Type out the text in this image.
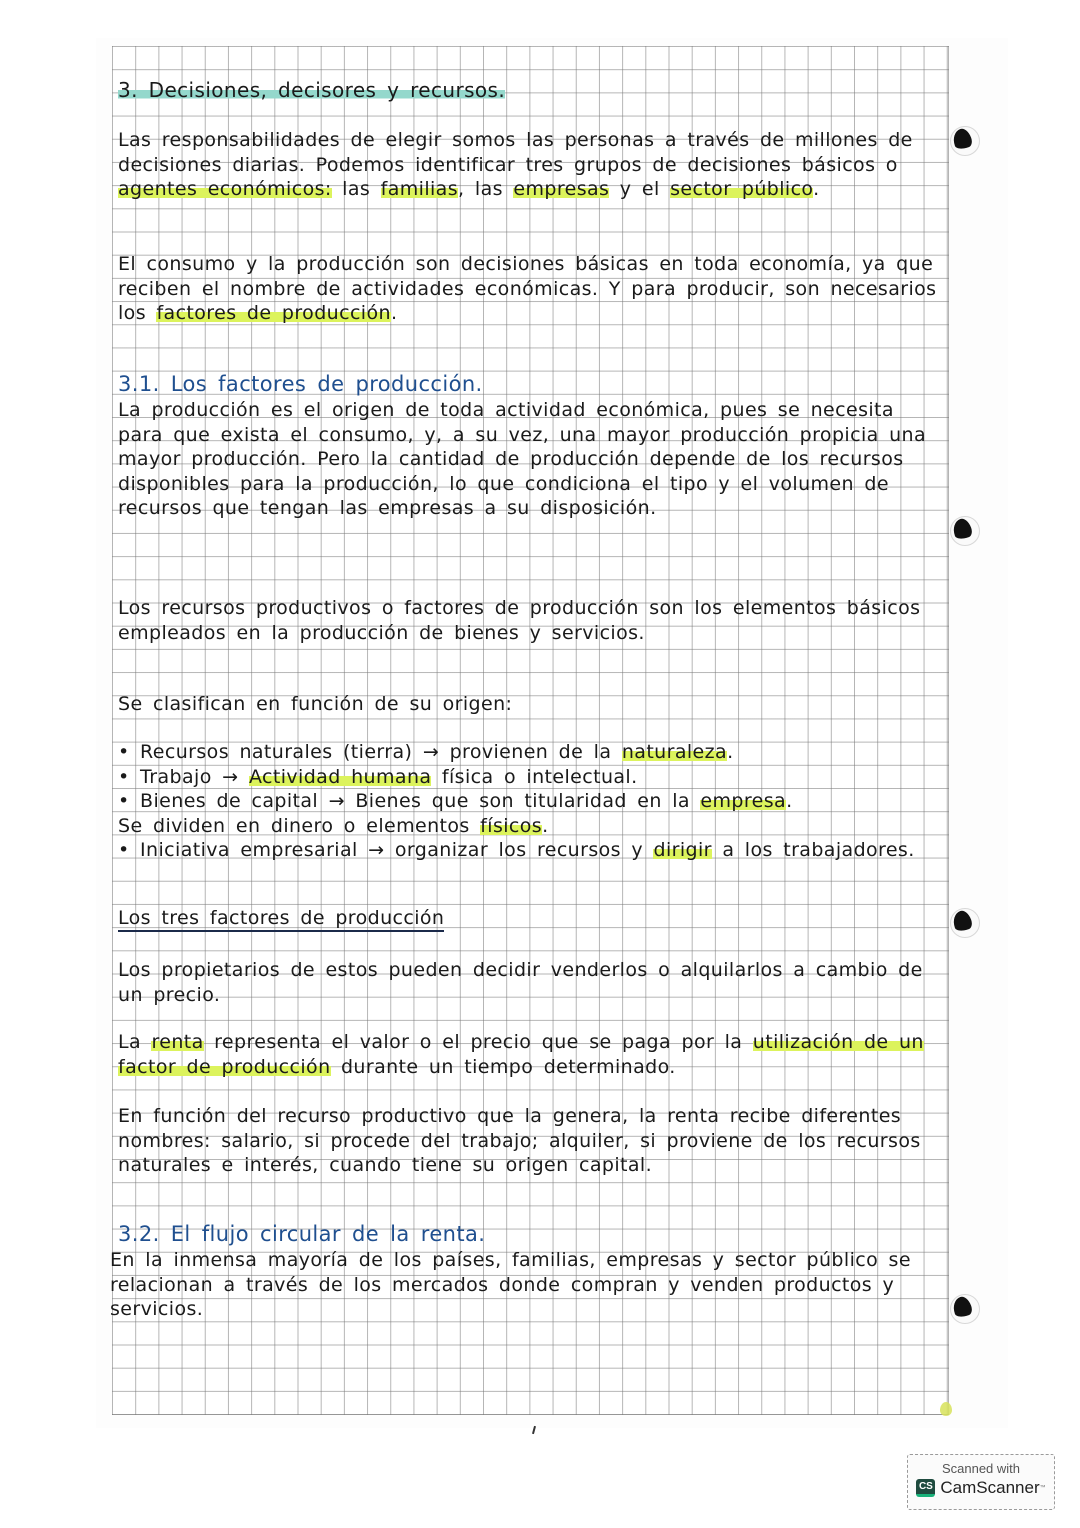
3. Decisiones, decisores y recursos.

Las responsabilidades de elegir somos las personas a través de millones de decisiones diarias. Podemos identificar tres grupos de decisiones básicos o agentes económicos: las familias, las empresas y el sector público.

El consumo y la producción son decisiones básicas en toda economía, ya que reciben el nombre de actividades económicas. Y para producir, son necesarios los factores de producción.

3.1. Los factores de producción.

La producción es el origen de toda actividad económica, pues se necesita para que exista el consumo, y, a su vez, una mayor producción propicia una mayor producción. Pero la cantidad de producción depende de los recursos disponibles para la producción, lo que condiciona el tipo y el volumen de recursos que tengan las empresas a su disposición.

Los recursos productivos o factores de producción son los elementos básicos empleados en la producción de bienes y servicios.

Se clasifican en función de su origen:

• Recursos naturales (tierra) → provienen de la naturaleza.
• Trabajo → Actividad humana física o intelectual.
• Bienes de capital → Bienes que son titularidad en la empresa.
Se dividen en dinero o elementos físicos.
• Iniciativa empresarial → organizar los recursos y dirigir a los trabajadores.
Los tres factores de producción

Los propietarios de estos pueden decidir venderlos o alquilarlos a cambio de un precio.

La renta representa el valor o el precio que se paga por la utilización de un factor de producción durante un tiempo determinado.

En función del recurso productivo que la genera, la renta recibe diferentes nombres: salario, si procede del trabajo; alquiler, si proviene de los recursos naturales e interés, cuando tiene su origen capital.

3.2. El flujo circular de la renta.

En la inmensa mayoría de los países, familias, empresas y sector público se relacionan a través de los mercados donde compran y venden productos y servicios.

Scanned with
CS CamScanner ™
